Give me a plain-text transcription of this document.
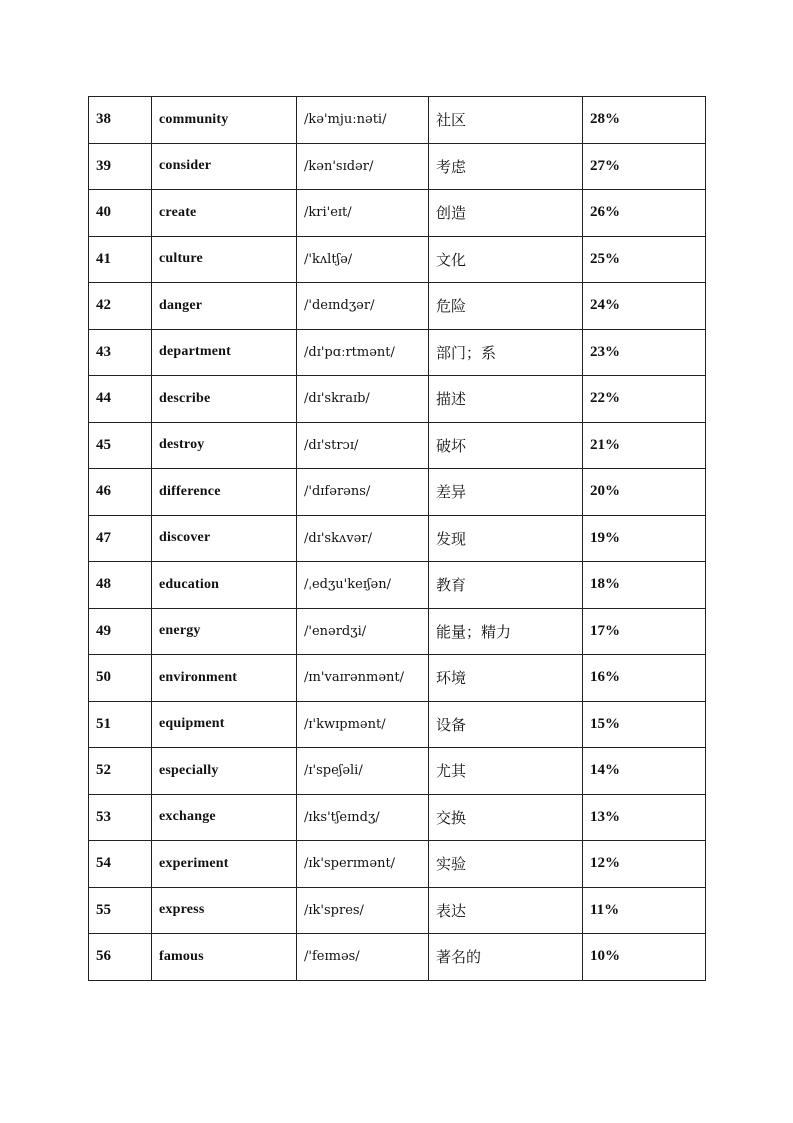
38	community	/kə'mjuːnəti/	社区	28%
39	consider	/kən'sɪdər/	考虑	27%
40	create	/kri'eɪt/	创造	26%
41	culture	/'kʌltʃə/	文化	25%
42	danger	/'deɪndʒər/	危险	24%
43	department	/dɪ'pɑːrtmənt/	部门；系	23%
44	describe	/dɪ'skraɪb/	描述	22%
45	destroy	/dɪ'strɔɪ/	破坏	21%
46	difference	/'dɪfərəns/	差异	20%
47	discover	/dɪ'skʌvər/	发现	19%
48	education	/ˌedʒu'keɪʃən/	教育	18%
49	energy	/'enərdʒi/	能量；精力	17%
50	environment	/ɪn'vaɪrənmənt/	环境	16%
51	equipment	/ɪ'kwɪpmənt/	设备	15%
52	especially	/ɪ'speʃəli/	尤其	14%
53	exchange	/ɪks'tʃeɪndʒ/	交换	13%
54	experiment	/ɪk'sperɪmənt/	实验	12%
55	express	/ɪk'spres/	表达	11%
56	famous	/'feɪməs/	著名的	10%
